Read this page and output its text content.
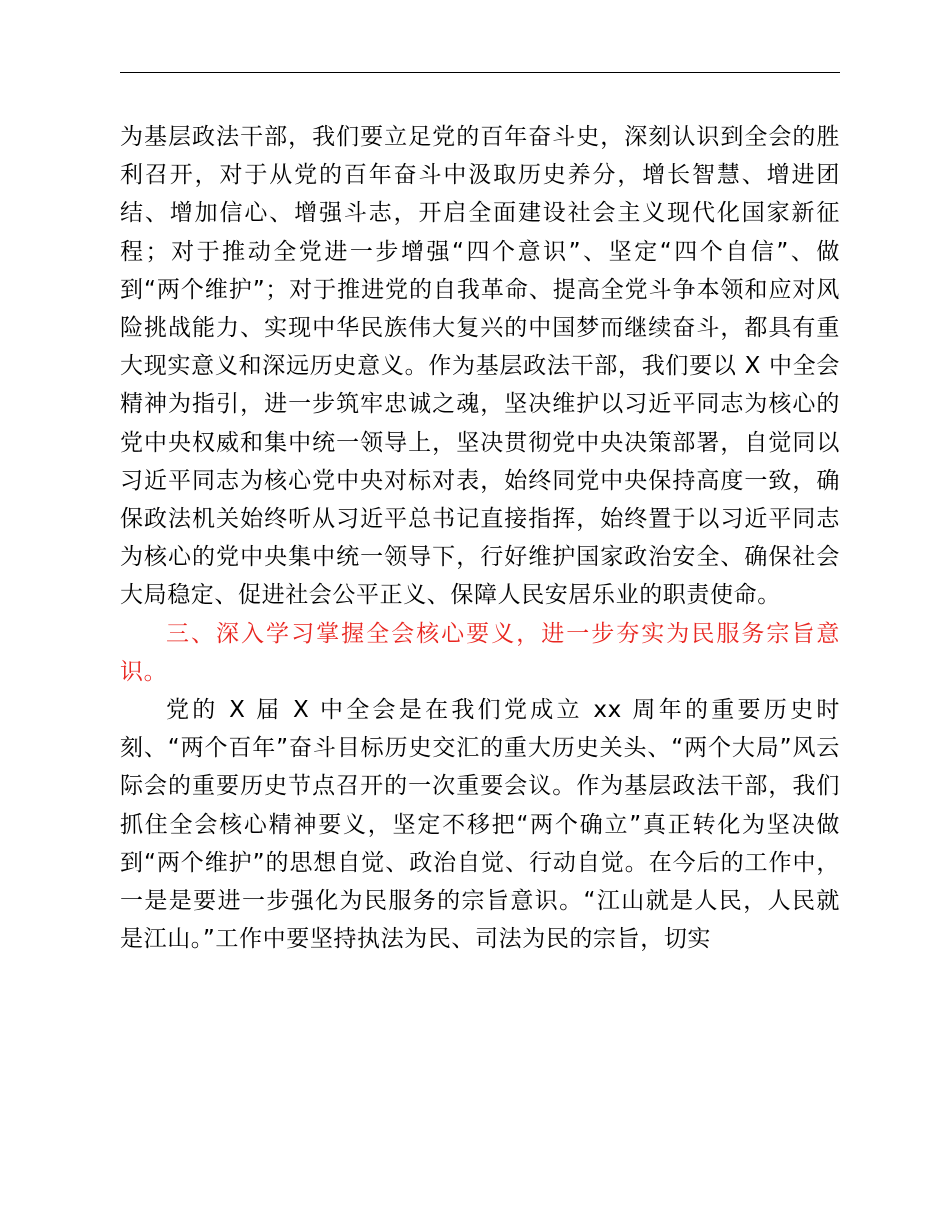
为基层政法干部，我们要立足党的百年奋斗史，深刻认识到全会的胜利召开，对于从党的百年奋斗中汲取历史养分，增长智慧、增进团结、增加信心、增强斗志，开启全面建设社会主义现代化国家新征程；对于推动全党进一步增强“四个意识”、坚定“四个自信”、做到“两个维护”；对于推进党的自我革命、提高全党斗争本领和应对风险挑战能力、实现中华民族伟大复兴的中国梦而继续奋斗，都具有重大现实意义和深远历史意义。作为基层政法干部，我们要以 X 中全会精神为指引，进一步筑牢忠诚之魂，坚决维护以习近平同志为核心的党中央权威和集中统一领导上，坚决贯彻党中央决策部署，自觉同以习近平同志为核心党中央对标对表，始终同党中央保持高度一致，确保政法机关始终听从习近平总书记直接指挥，始终置于以习近平同志为核心的党中央集中统一领导下，行好维护国家政治安全、确保社会大局稳定、促进社会公平正义、保障人民安居乐业的职责使命。

三、深入学习掌握全会核心要义，进一步夯实为民服务宗旨意识。

党的 X 届 X 中全会是在我们党成立 xx 周年的重要历史时刻、“两个百年”奋斗目标历史交汇的重大历史关头、“两个大局”风云际会的重要历史节点召开的一次重要会议。作为基层政法干部，我们抓住全会核心精神要义，坚定不移把“两个确立”真正转化为坚决做到“两个维护”的思想自觉、政治自觉、行动自觉。在今后的工作中，一是是要进一步强化为民服务的宗旨意识。“江山就是人民，人民就是江山。”工作中要坚持执法为民、司法为民的宗旨，切实
